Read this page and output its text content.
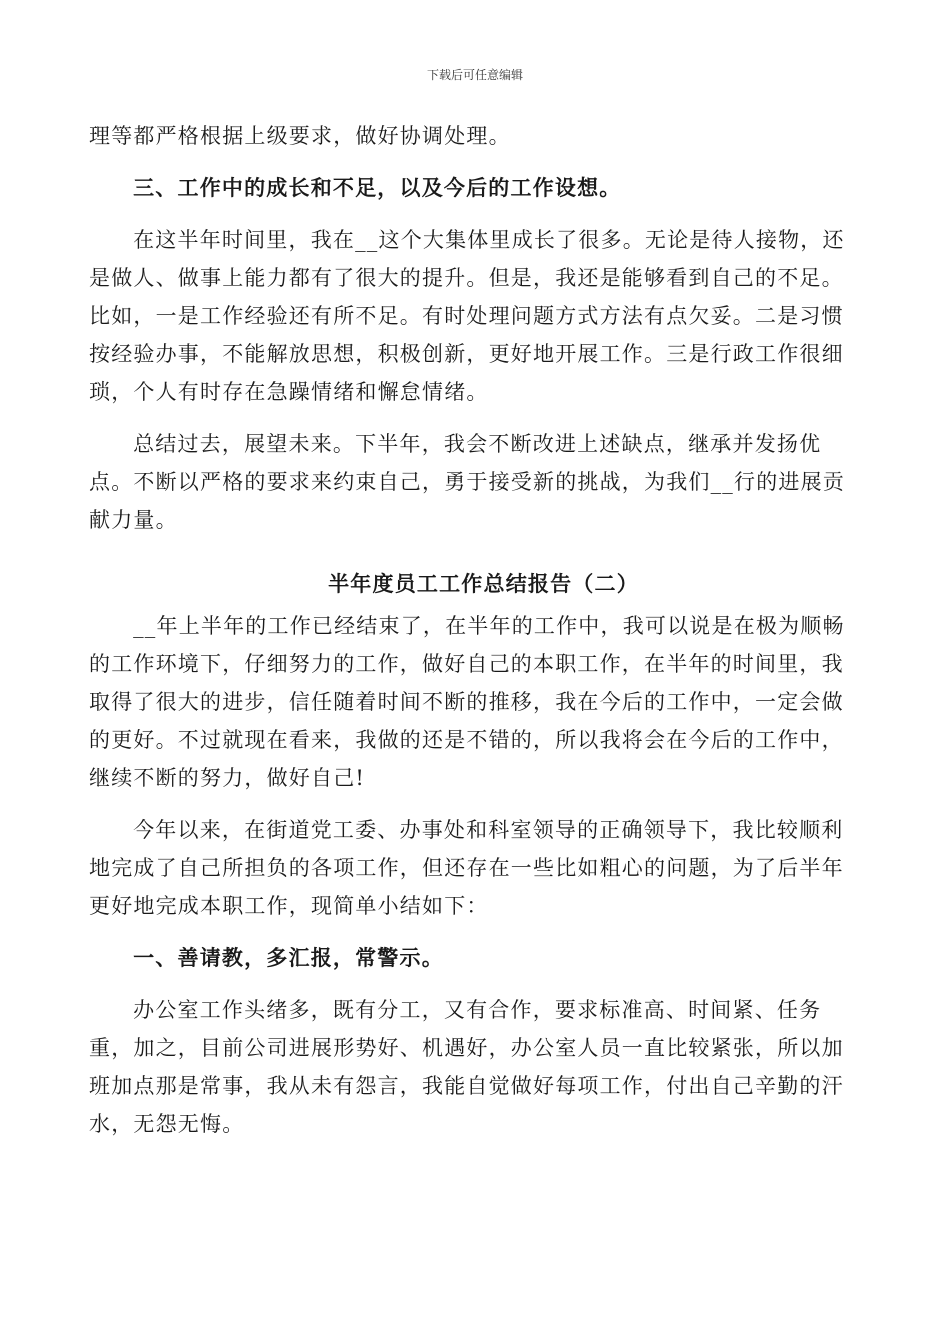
下载后可任意编辑

理等都严格根据上级要求，做好协调处理。

三、工作中的成长和不足，以及今后的工作设想。

在这半年时间里，我在__这个大集体里成长了很多。无论是待人接物，还是做人、做事上能力都有了很大的提升。但是，我还是能够看到自己的不足。比如，一是工作经验还有所不足。有时处理问题方式方法有点欠妥。二是习惯按经验办事，不能解放思想，积极创新，更好地开展工作。三是行政工作很细琐，个人有时存在急躁情绪和懈怠情绪。

总结过去，展望未来。下半年，我会不断改进上述缺点，继承并发扬优点。不断以严格的要求来约束自己，勇于接受新的挑战，为我们__行的进展贡献力量。

半年度员工工作总结报告（二）

__年上半年的工作已经结束了，在半年的工作中，我可以说是在极为顺畅的工作环境下，仔细努力的工作，做好自己的本职工作，在半年的时间里，我取得了很大的进步，信任随着时间不断的推移，我在今后的工作中，一定会做的更好。不过就现在看来，我做的还是不错的，所以我将会在今后的工作中，继续不断的努力，做好自己!

今年以来，在街道党工委、办事处和科室领导的正确领导下，我比较顺利地完成了自己所担负的各项工作，但还存在一些比如粗心的问题，为了后半年更好地完成本职工作，现简单小结如下：

一、善请教，多汇报，常警示。

办公室工作头绪多，既有分工，又有合作，要求标准高、时间紧、任务重，加之，目前公司进展形势好、机遇好，办公室人员一直比较紧张，所以加班加点那是常事，我从未有怨言，我能自觉做好每项工作，付出自己辛勤的汗水，无怨无悔。
